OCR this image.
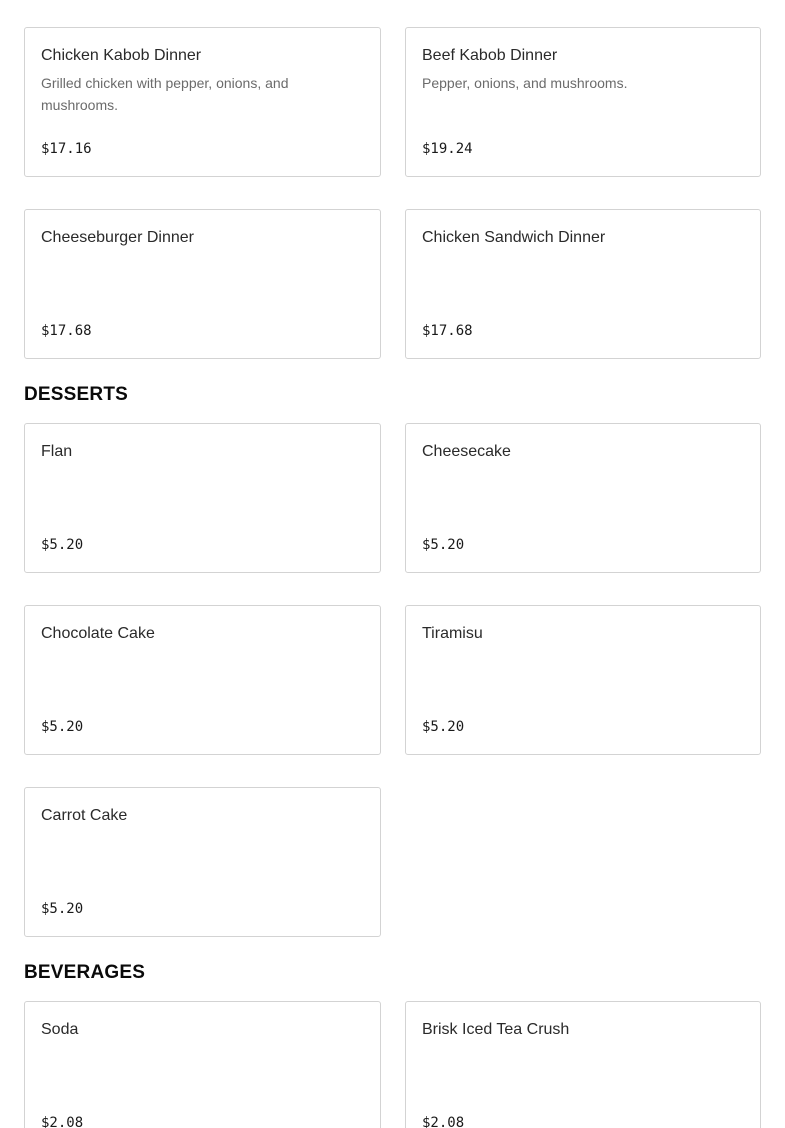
Chicken Kabob Dinner
Grilled chicken with pepper, onions, and mushrooms.
$17.16
Beef Kabob Dinner
Pepper, onions, and mushrooms.
$19.24
Cheeseburger Dinner
$17.68
Chicken Sandwich Dinner
$17.68
DESSERTS
Flan
$5.20
Cheesecake
$5.20
Chocolate Cake
$5.20
Tiramisu
$5.20
Carrot Cake
$5.20
BEVERAGES
Soda
$2.08
Brisk Iced Tea Crush
$2.08
